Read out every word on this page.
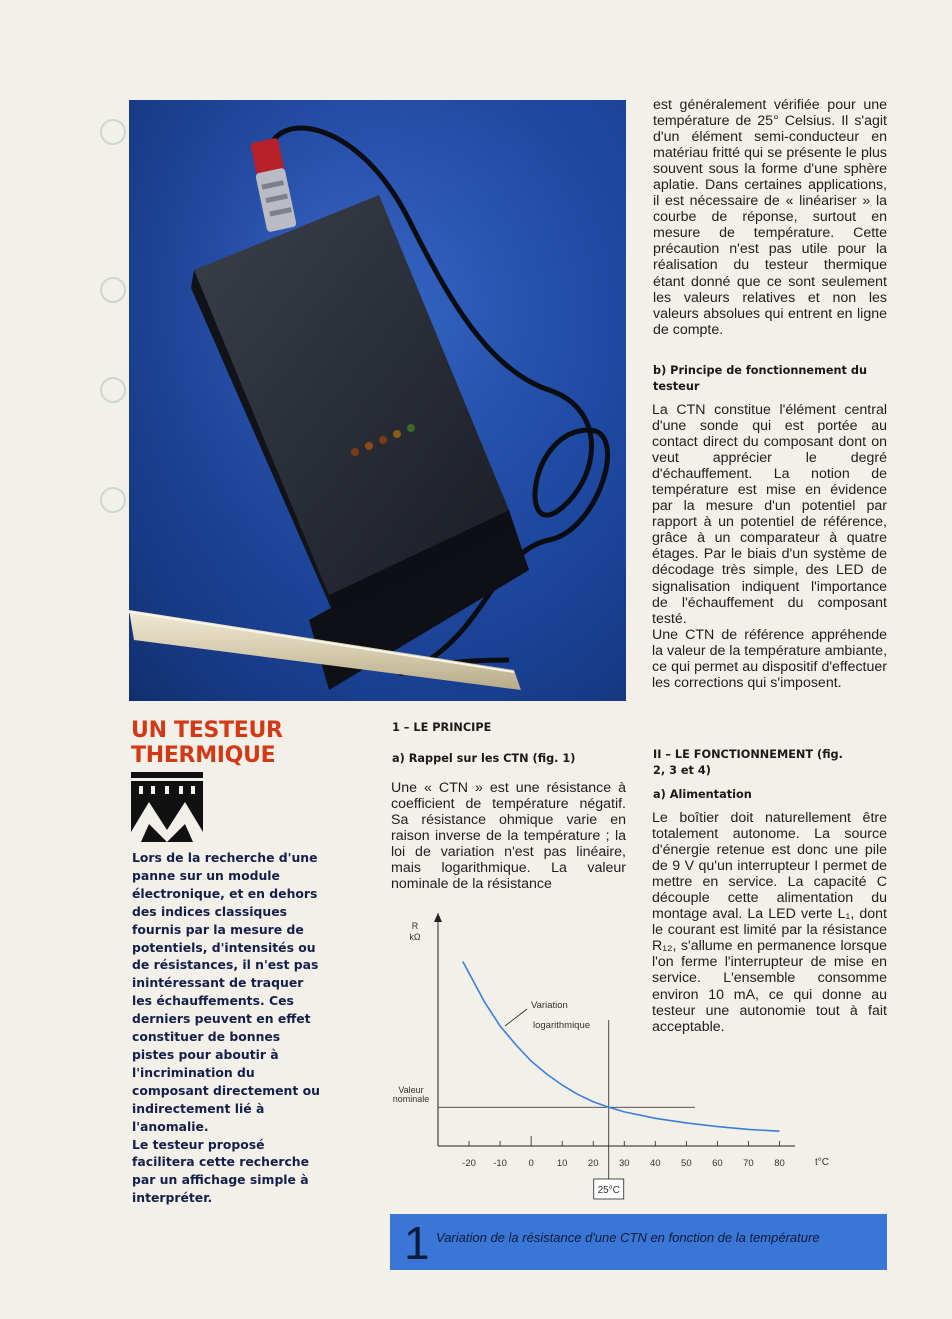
UN TESTEUR
THERMIQUE

Lors de la recherche d'une panne sur un module électronique, et en dehors des indices classiques fournis par la mesure de potentiels, d'intensités ou de résistances, il n'est pas inintéressant de traquer les échauffements. Ces derniers peuvent en effet constituer de bonnes pistes pour aboutir à l'incrimination du composant directement ou indirectement lié à l'anomalie.

Le testeur proposé facilitera cette recherche par un affichage simple à interpréter.

1 – LE PRINCIPE
a) Rappel sur les CTN (fig. 1)

Une « CTN » est une résistance à coefficient de température négatif. Sa résistance ohmique varie en raison inverse de la température ; la loi de variation n'est pas linéaire, mais logarithmique. La valeur nominale de la résistance

est généralement vérifiée pour une température de 25° Celsius. Il s'agit d'un élément semi-conducteur en matériau fritté qui se présente le plus souvent sous la forme d'une sphère aplatie. Dans certaines applications, il est nécessaire de « linéariser » la courbe de réponse, surtout en mesure de température. Cette précaution n'est pas utile pour la réalisation du testeur thermique étant donné que ce sont seulement les valeurs relatives et non les valeurs absolues qui entrent en ligne de compte.

b) Principe de fonctionnement du testeur

La CTN constitue l'élément central d'une sonde qui est portée au contact direct du composant dont on veut apprécier le degré d'échauffement. La notion de température est mise en évidence par la mesure d'un potentiel par rapport à un potentiel de référence, grâce à un comparateur à quatre étages. Par le biais d'un système de décodage très simple, des LED de signalisation indiquent l'importance de l'échauffement du composant testé.

Une CTN de référence appréhende la valeur de la température ambiante, ce qui permet au dispositif d'effectuer les corrections qui s'imposent.

II – LE FONCTIONNEMENT (fig. 2, 3 et 4)
a) Alimentation

Le boîtier doit naturellement être totalement autonome. La source d'énergie retenue est donc une pile de 9 V qu'un interrupteur I permet de mettre en service. La capacité C découple cette alimentation du montage aval. La LED verte L₁, dont le courant est limité par la résistance R₁₂, s'allume en permanence lorsque l'on ferme l'interrupteur de mise en service. L'ensemble consomme environ 10 mA, ce qui donne au testeur une autonomie tout à fait acceptable.

R
kΩ
-20 -10 0 10 20 30 40 50 60 70 80	t°C
Variation
logarithmique
Valeur
nominale
25°C
1 Variation de la résistance d'une CTN en fonction de la température
